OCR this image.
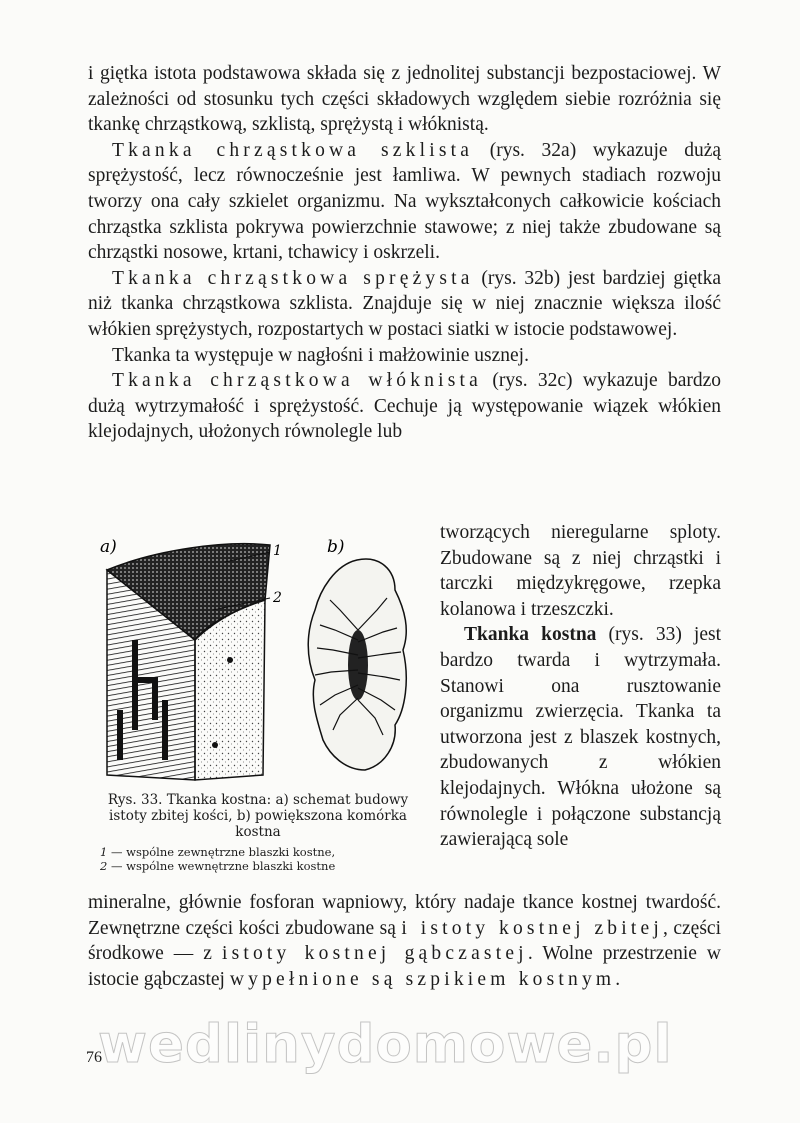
i giętka istota podstawowa składa się z jednolitej substancji bezpostaciowej. W zależności od stosunku tych części składowych względem siebie rozróżnia się tkankę chrząstkową, szklistą, sprężystą i włóknistą.

Tkanka chrząstkowa szklista (rys. 32a) wykazuje dużą sprężystość, lecz równocześnie jest łamliwa. W pewnych stadiach rozwoju tworzy ona cały szkielet organizmu. Na wykształconych całkowicie kościach chrząstka szklista pokrywa powierzchnie stawowe; z niej także zbudowane są chrząstki nosowe, krtani, tchawicy i oskrzeli.

Tkanka chrząstkowa sprężysta (rys. 32b) jest bardziej giętka niż tkanka chrząstkowa szklista. Znajduje się w niej znacznie większa ilość włókien sprężystych, rozpostartych w postaci siatki w istocie podstawowej.

Tkanka ta występuje w nagłośni i małżowinie usznej.

Tkanka chrząstkowa włóknista (rys. 32c) wykazuje bardzo dużą wytrzymałość i sprężystość. Cechuje ją występowanie wiązek włókien klejodajnych, ułożonych równolegle lub

a)	1
2
b)
Rys. 33. Tkanka kostna: a) schemat budowy istoty zbitej kości, b) powiększona komórka kostna
1 — wspólne zewnętrzne blaszki kostne,
2 — wspólne wewnętrzne blaszki kostne

tworzących nieregularne sploty. Zbudowane są z niej chrząstki i tarczki międzykręgowe, rzepka kolanowa i trzeszczki.

Tkanka kostna (rys. 33) jest bardzo twarda i wytrzymała. Stanowi ona rusztowanie organizmu zwierzęcia. Tkanka ta utworzona jest z blaszek kostnych, zbudowanych z włókien klejodajnych. Włókna ułożone są równolegle i połączone substancją zawierającą sole

mineralne, głównie fosforan wapniowy, który nadaje tkance kostnej twardość. Zewnętrzne części kości zbudowane są i istoty kostnej zbitej, części środkowe — z istoty kostnej gąbczastej. Wolne przestrzenie w istocie gąbczastej wypełnione są szpikiem kostnym.

wedlinydomowe.pl
76
